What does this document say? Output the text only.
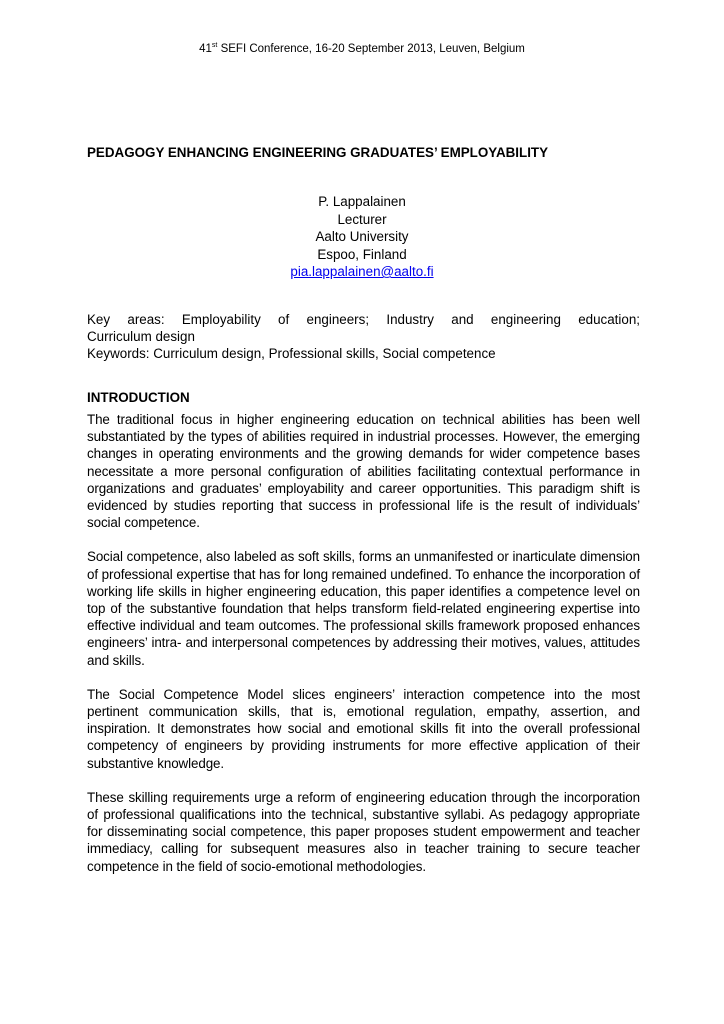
41st SEFI Conference, 16-20 September 2013, Leuven, Belgium
PEDAGOGY ENHANCING ENGINEERING GRADUATES’ EMPLOYABILITY
P. Lappalainen
Lecturer
Aalto University
Espoo, Finland
pia.lappalainen@aalto.fi

Key areas: Employability of engineers; Industry and engineering education;

Curriculum design

Keywords: Curriculum design, Professional skills, Social competence

INTRODUCTION

The traditional focus in higher engineering education on technical abilities has been well substantiated by the types of abilities required in industrial processes. However, the emerging changes in operating environments and the growing demands for wider competence bases necessitate a more personal configuration of abilities facilitating contextual performance in organizations and graduates’ employability and career opportunities. This paradigm shift is evidenced by studies reporting that success in professional life is the result of individuals’ social competence.

Social competence, also labeled as soft skills, forms an unmanifested or inarticulate dimension of professional expertise that has for long remained undefined. To enhance the incorporation of working life skills in higher engineering education, this paper identifies a competence level on top of the substantive foundation that helps transform field-related engineering expertise into effective individual and team outcomes. The professional skills framework proposed enhances engineers’ intra- and interpersonal competences by addressing their motives, values, attitudes and skills.

The Social Competence Model slices engineers’ interaction competence into the most pertinent communication skills, that is, emotional regulation, empathy, assertion, and inspiration. It demonstrates how social and emotional skills fit into the overall professional competency of engineers by providing instruments for more effective application of their substantive knowledge.

These skilling requirements urge a reform of engineering education through the incorporation of professional qualifications into the technical, substantive syllabi. As pedagogy appropriate for disseminating social competence, this paper proposes student empowerment and teacher immediacy, calling for subsequent measures also in teacher training to secure teacher competence in the field of socio-emotional methodologies.
